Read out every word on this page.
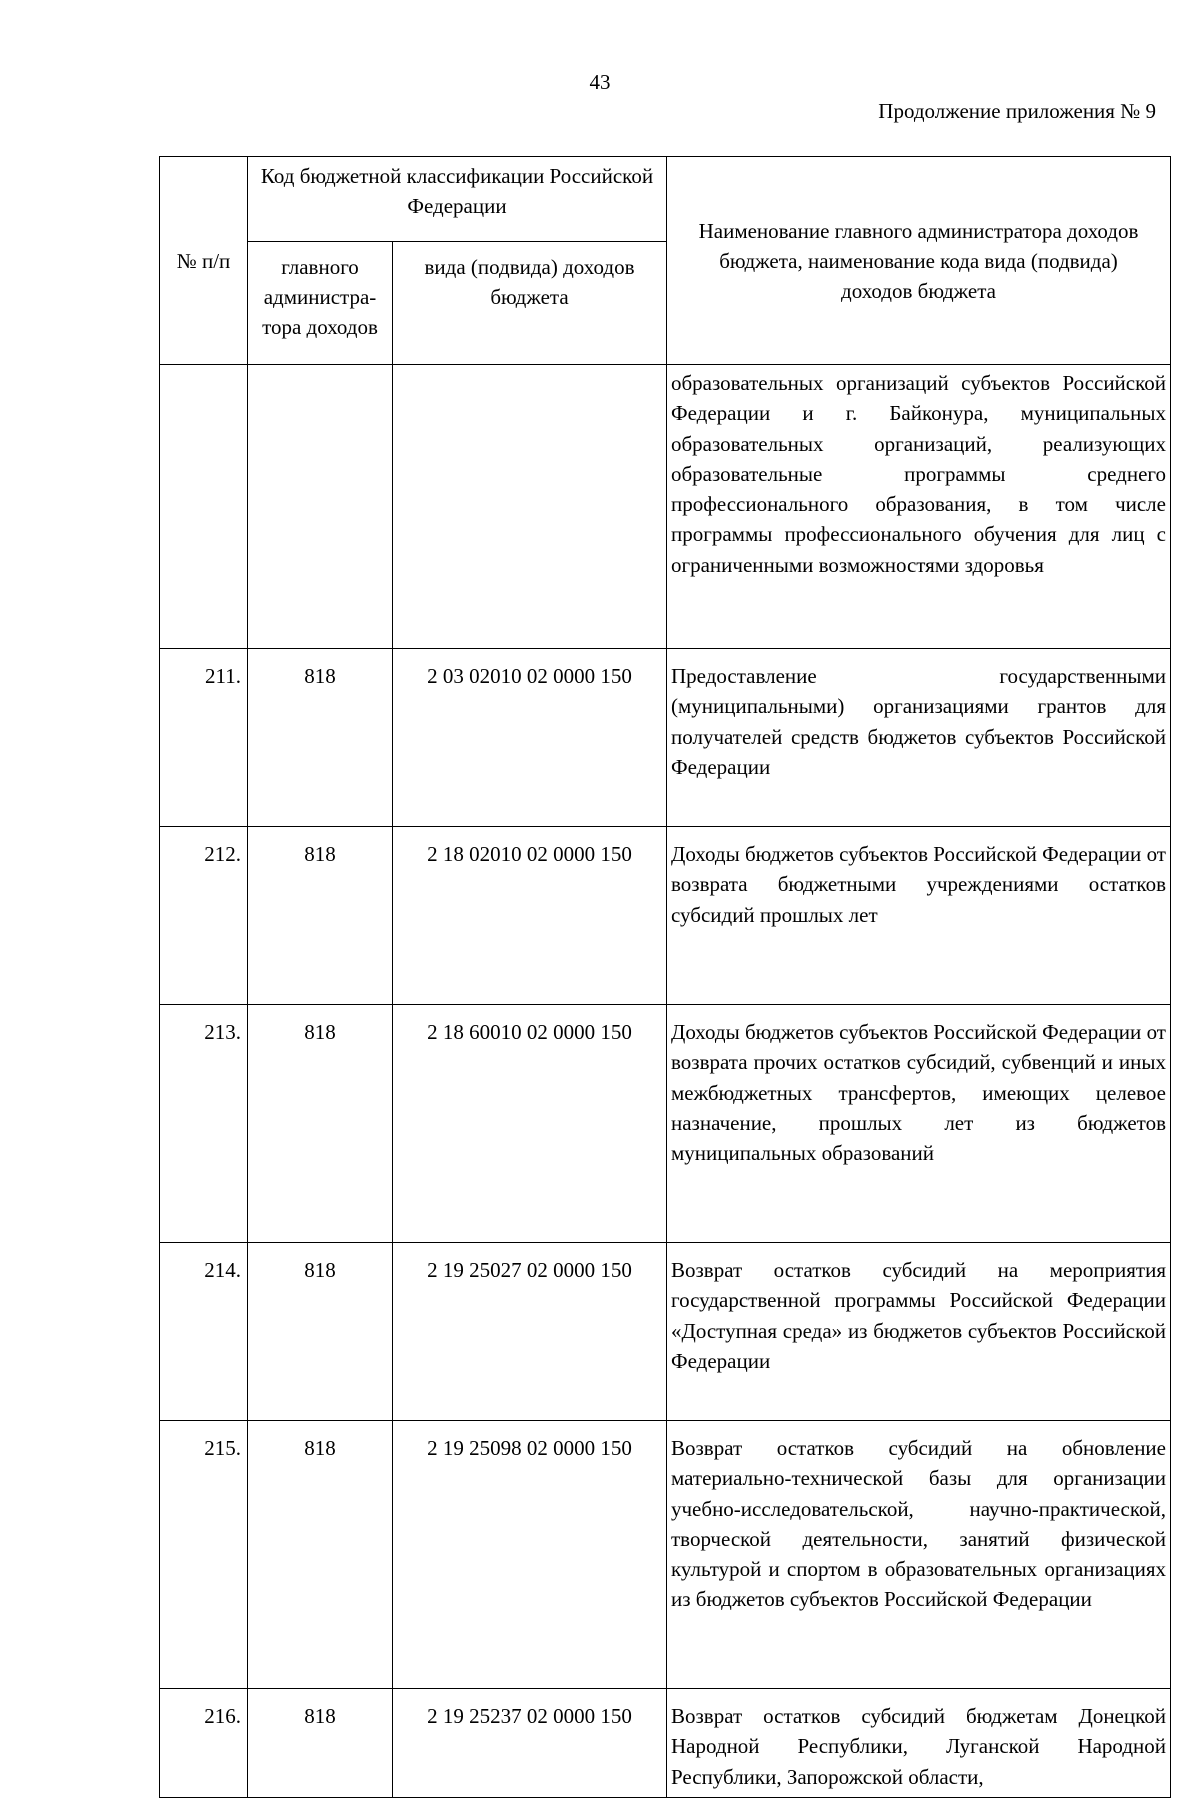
43
Продолжение приложения № 9
№ п/п	Код бюджетной классификации Российской Федерации		Наименование главного администратора доходов бюджета, наименование кода вида (подвида) доходов бюджета
	главного администра-тора доходов	вида (подвида) доходов бюджета	
			образовательных организаций субъектов Российской Федерации и г. Байконура, муниципальных образовательных организаций, реализующих образовательные программы среднего профессионального образования, в том числе программы профессионального обучения для лиц с ограниченными возможностями здоровья
211.	818	2 03 02010 02 0000 150	Предоставление государственными (муниципальными) организациями грантов для получателей средств бюджетов субъектов Российской Федерации
212.	818	2 18 02010 02 0000 150	Доходы бюджетов субъектов Российской Федерации от возврата бюджетными учреждениями остатков субсидий прошлых лет
213.	818	2 18 60010 02 0000 150	Доходы бюджетов субъектов Российской Федерации от возврата прочих остатков субсидий, субвенций и иных межбюджетных трансфертов, имеющих целевое назначение, прошлых лет из бюджетов муниципальных образований
214.	818	2 19 25027 02 0000 150	Возврат остатков субсидий на мероприятия государственной программы Российской Федерации «Доступная среда» из бюджетов субъектов Российской Федерации
215.	818	2 19 25098 02 0000 150	Возврат остатков субсидий на обновление материально-технической базы для организации учебно-исследовательской, научно-практической, творческой деятельности, занятий физической культурой и спортом в образовательных организациях из бюджетов субъектов Российской Федерации
216.	818	2 19 25237 02 0000 150	Возврат остатков субсидий бюджетам Донецкой Народной Республики, Луганской Народной Республики, Запорожской области,
